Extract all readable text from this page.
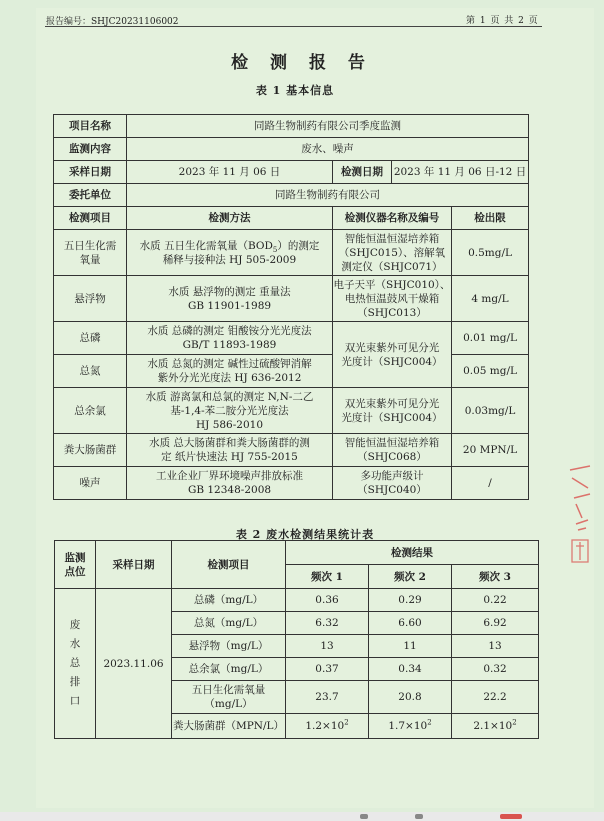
报告编号：SHJC20231106002	第 1 页 共 2 页
检 测 报 告
表 1 基本信息
项目名称	同路生物制药有限公司季度监测			
监测内容	废水、噪声			
采样日期	2023 年 11 月 06 日	检测日期	2023 年 11 月 06 日-12 日	
委托单位	同路生物制药有限公司			
检测项目	检测方法	检测仪器名称及编号		检出限
五日生化需
氧量	水质 五日生化需氧量$(BOD_5)$的测定
稀释与接种法 HJ 505-2009	智能恒温恒湿培养箱
（SHJC015）、溶解氧
测定仪（SHJC071）		0.5mg/L
悬浮物	水质 悬浮物的测定 重量法
GB 11901-1989	电子天平（SHJC010）、
电热恒温鼓风干燥箱
（SHJC013）		4 mg/L
总磷	水质 总磷的测定 钼酸铵分光光度法
GB/T 11893-1989	双光束紫外可见分光
光度计（SHJC004）		0.01 mg/L
总氮	水质 总氮的测定 碱性过硫酸钾消解
紫外分光光度法 HJ 636-2012			0.05 mg/L
总余氯	水质 游离氯和总氯的测定 N,N-二乙
基-1,4-苯二胺分光光度法
HJ 586-2010	双光束紫外可见分光
光度计（SHJC004）		0.03mg/L
粪大肠菌群	水质 总大肠菌群和粪大肠菌群的测
定 纸片快速法 HJ 755-2015	智能恒温恒湿培养箱
（SHJC068）		20 MPN/L
噪声	工业企业厂界环境噪声排放标准
GB 12348-2008	多功能声级计
（SHJC040）		/
表 2 废水检测结果统计表
监测
点位	采样日期	检测项目	检测结果		
			频次 1	频次 2	频次 3
废
水
总
排
口	2023.11.06	总磷（mg/L）	0.36	0.29	0.22
		总氮（mg/L）	6.32	6.60	6.92
		悬浮物（mg/L）	13	11	13
		总余氯（mg/L）	0.37	0.34	0.32
		五日生化需氧量
（mg/L）	23.7	20.8	22.2
		粪大肠菌群（MPN/L）	$1.2\times 10^2$	$1.7\times 10^2$	$2.1\times 10^2$
